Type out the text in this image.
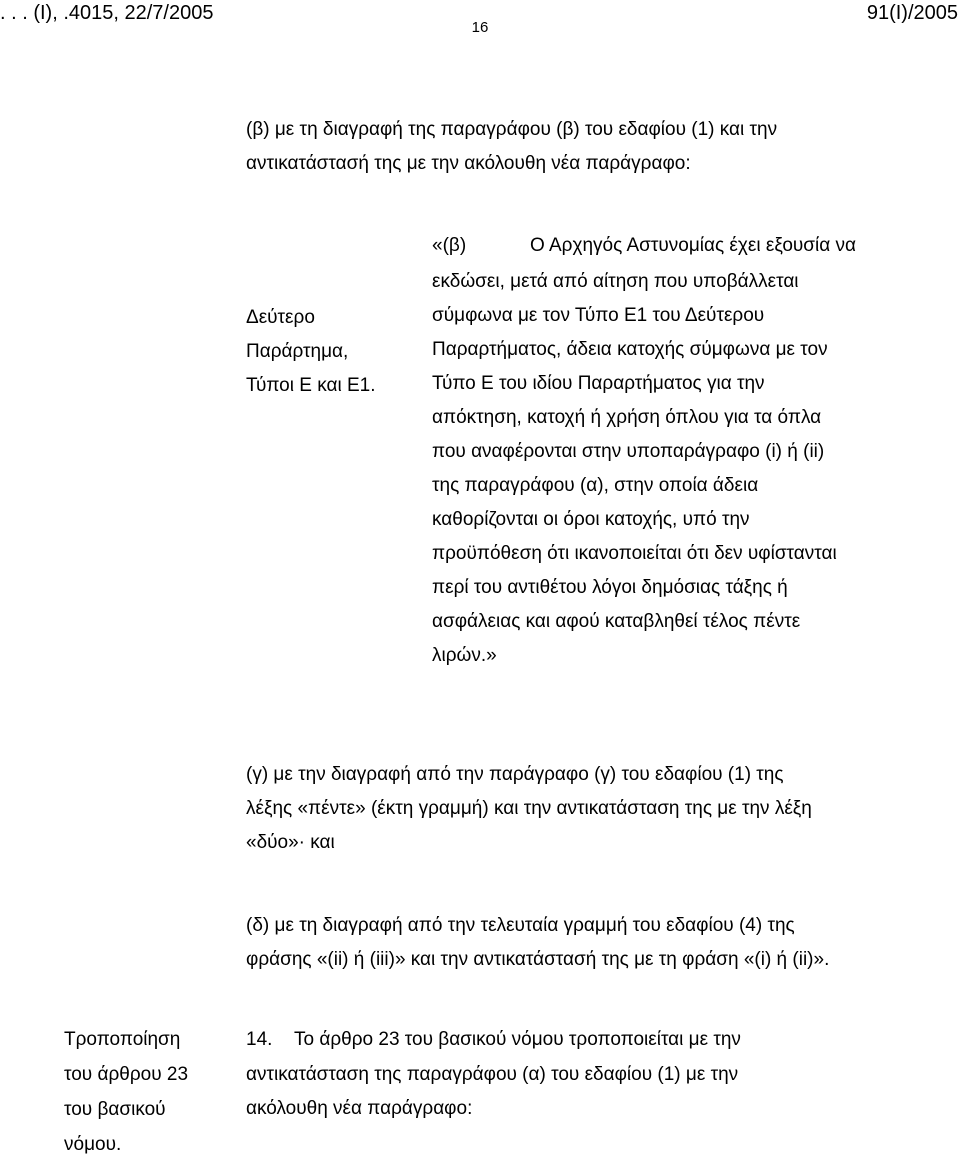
. . . (Ι), .4015, 22/7/2005	91(Ι)/2005
16
(β) με τη διαγραφή της παραγράφου (β) του εδαφίου (1) και την
αντικατάστασή της με την ακόλουθη νέα παράγραφο:
Δεύτερο
Παράρτημα,
Τύποι Ε και Ε1.
«(β)	Ο Αρχηγός Αστυνομίας έχει εξουσία να
εκδώσει, μετά από αίτηση που υποβάλλεται
σύμφωνα με τον Τύπο Ε1 του Δεύτερου
Παραρτήματος, άδεια κατοχής σύμφωνα με τον
Τύπο Ε του ιδίου Παραρτήματος για την
απόκτηση, κατοχή ή χρήση όπλου για τα όπλα
που αναφέρονται στην υποπαράγραφο (i) ή (ii)
της παραγράφου (α), στην οποία άδεια
καθορίζονται οι όροι κατοχής, υπό την
προϋπόθεση ότι ικανοποιείται ότι δεν υφίστανται
περί του αντιθέτου λόγοι δημόσιας τάξης ή
ασφάλειας και αφού καταβληθεί τέλος πέντε
λιρών.»
(γ) με την διαγραφή από την παράγραφο (γ) του εδαφίου (1) της
λέξης «πέντε» (έκτη γραμμή) και την αντικατάσταση της με την λέξη
«δύο»· και
(δ) με τη διαγραφή από την τελευταία γραμμή του εδαφίου (4) της
φράσης «(ii) ή (iii)» και την αντικατάστασή της με τη φράση «(i) ή (ii)».
Τροποποίηση
του άρθρου 23
του βασικού
νόμου.
14. Το άρθρο 23 του βασικού νόμου τροποποιείται με την
αντικατάσταση της παραγράφου (α) του εδαφίου (1) με την
ακόλουθη νέα παράγραφο:
